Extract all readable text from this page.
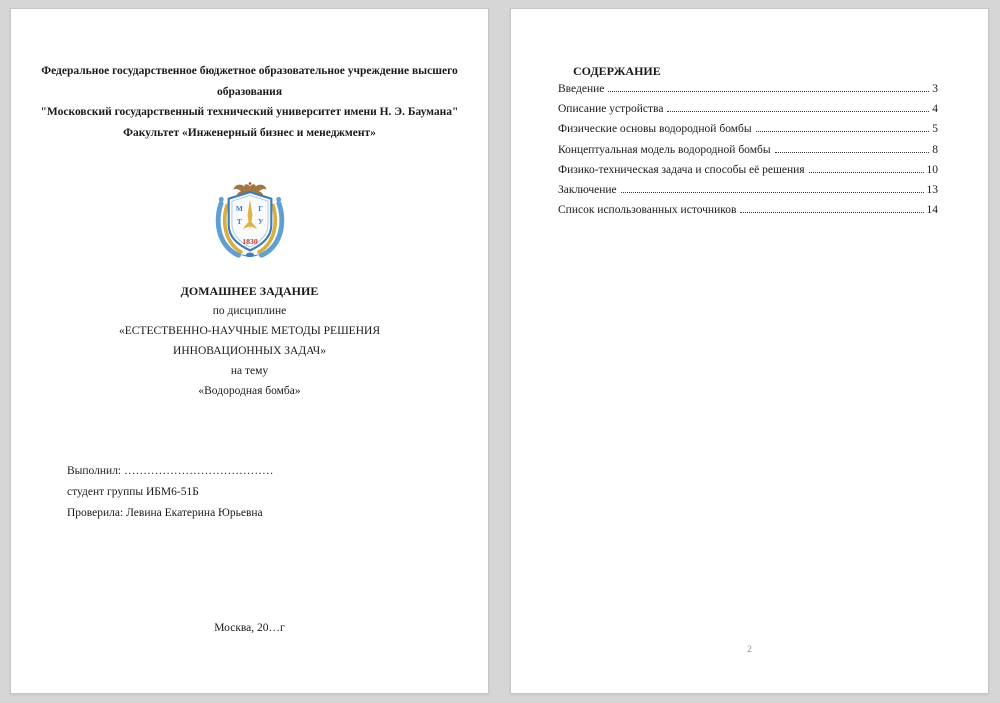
Федеральное государственное бюджетное образовательное учреждение высшего
образования
"Московский государственный технический университет имени Н. Э. Баумана"
Факультет «Инженерный бизнес и менеджмент»
М Г
Т У
1830
ДОМАШНЕЕ ЗАДАНИЕ
по дисциплине
«ЕСТЕСТВЕННО-НАУЧНЫЕ МЕТОДЫ РЕШЕНИЯ
ИННОВАЦИОННЫХ ЗАДАЧ»
на тему
«Водородная бомба»
Выполнил: …………………………………
студент группы ИБМ6-51Б
Проверила: Левина Екатерина Юрьевна
Москва, 20…г
СОДЕРЖАНИЕ
Введение	3
Описание устройства	4
Физические основы водородной бомбы	5
Концептуальная модель водородной бомбы	8
Физико-техническая задача и способы её решения	10
Заключение	13
Список использованных источников	14
2
